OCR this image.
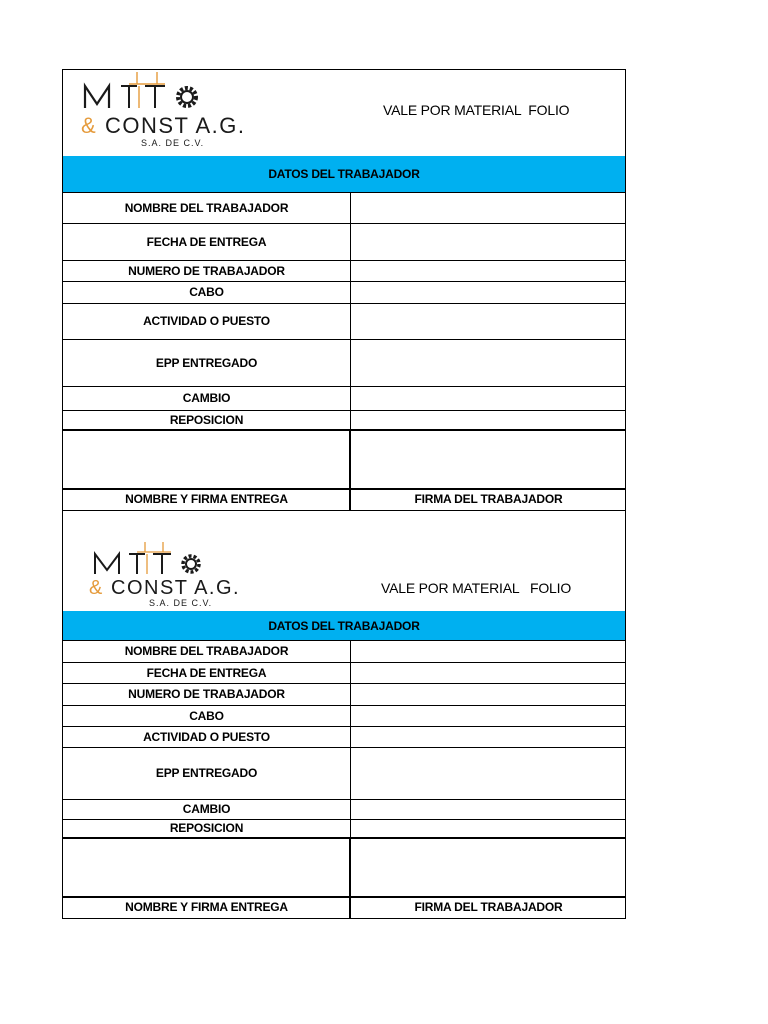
& CONST A.G.
S.A. DE C.V.
VALE POR MATERIAL  FOLIO
DATOS DEL TRABAJADOR
NOMBRE DEL TRABAJADOR
FECHA DE ENTREGA
NUMERO DE TRABAJADOR
CABO
ACTIVIDAD O PUESTO
EPP ENTREGADO
CAMBIO
REPOSICION
NOMBRE Y FIRMA ENTREGA	FIRMA DEL TRABAJADOR
& CONST A.G.
S.A. DE C.V.
VALE POR MATERIAL   FOLIO
DATOS DEL TRABAJADOR
NOMBRE DEL TRABAJADOR
FECHA DE ENTREGA
NUMERO DE TRABAJADOR
CABO
ACTIVIDAD O PUESTO
EPP ENTREGADO
CAMBIO
REPOSICION
NOMBRE Y FIRMA ENTREGA	FIRMA DEL TRABAJADOR
